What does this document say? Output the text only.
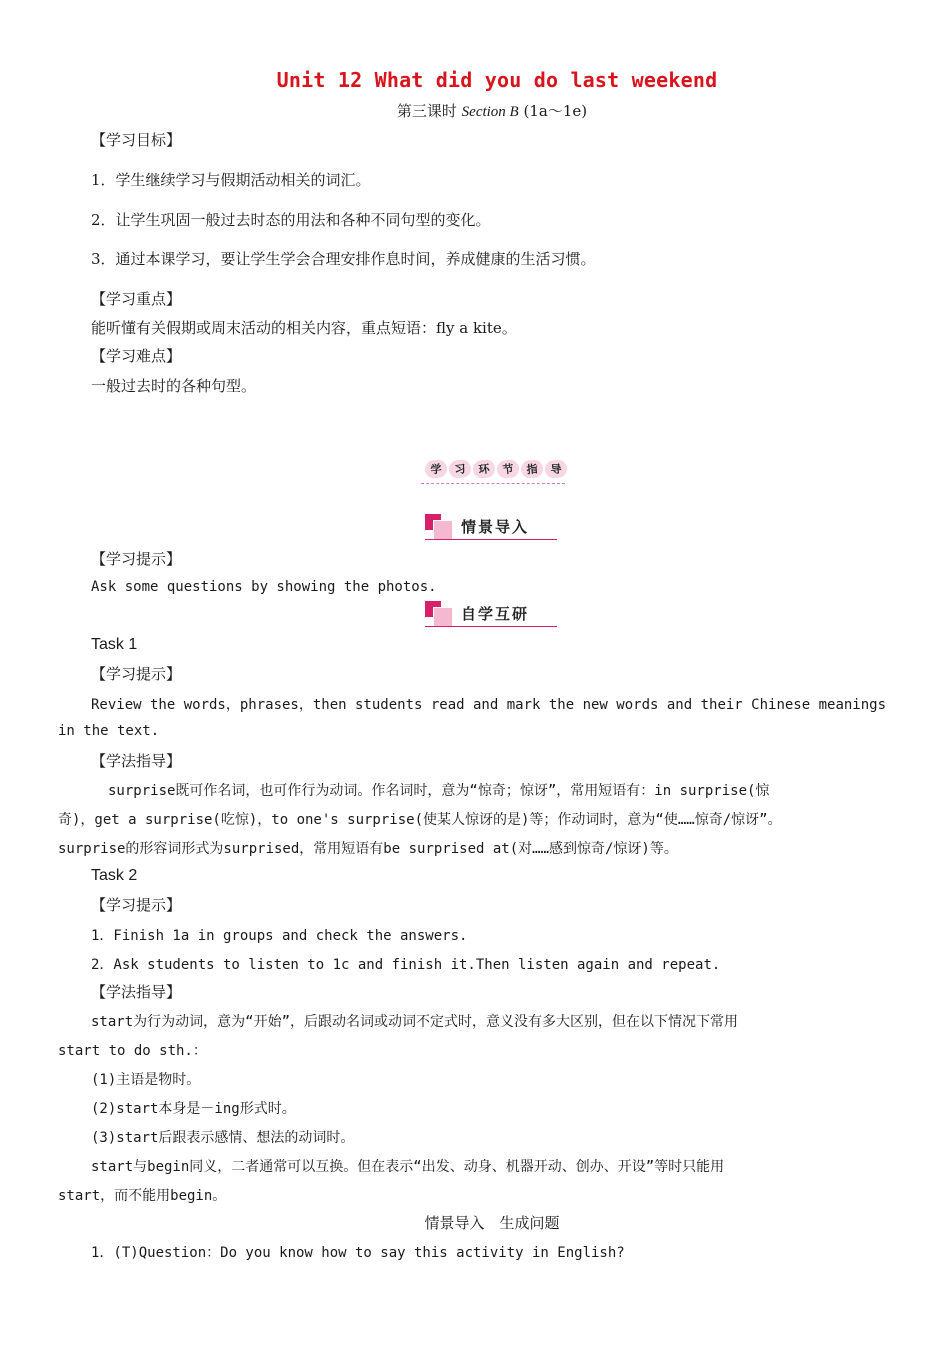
Unit 12 What did you do last weekend
第三课时 Section B (1a～1e)
【学习目标】
1．学生继续学习与假期活动相关的词汇。
2．让学生巩固一般过去时态的用法和各种不同句型的变化。
3．通过本课学习，要让学生学会合理安排作息时间，养成健康的生活习惯。
【学习重点】
能听懂有关假期或周末活动的相关内容，重点短语：fly a kite。
【学习难点】
一般过去时的各种句型。
学	习	环	节	指	导
情景导入
【学习提示】
Ask some questions by showing the photos.
自学互研
Task 1
【学习提示】
Review the words，phrases，then students read and mark the new words and their Chinese meanings
in the text.
【学法指导】
surprise既可作名词，也可作行为动词。作名词时，意为“惊奇；惊讶”，常用短语有：in surprise(惊
奇)，get a surprise(吃惊)，to one's surprise(使某人惊讶的是)等；作动词时，意为“使……惊奇/惊讶”。
surprise的形容词形式为surprised，常用短语有be surprised at(对……感到惊奇/惊讶)等。
Task 2
【学习提示】
1．Finish 1a in groups and check the answers.
2．Ask students to listen to 1c and finish it.Then listen again and repeat.
【学法指导】
start为行为动词，意为“开始”，后跟动名词或动词不定式时，意义没有多大区别，但在以下情况下常用
start to do sth.：
(1)主语是物时。
(2)start本身是－ing形式时。
(3)start后跟表示感情、想法的动词时。
start与begin同义，二者通常可以互换。但在表示“出发、动身、机器开动、创办、开设”等时只能用
start，而不能用begin。
情景导入　生成问题
1．(T)Question：Do you know how to say this activity in English?
